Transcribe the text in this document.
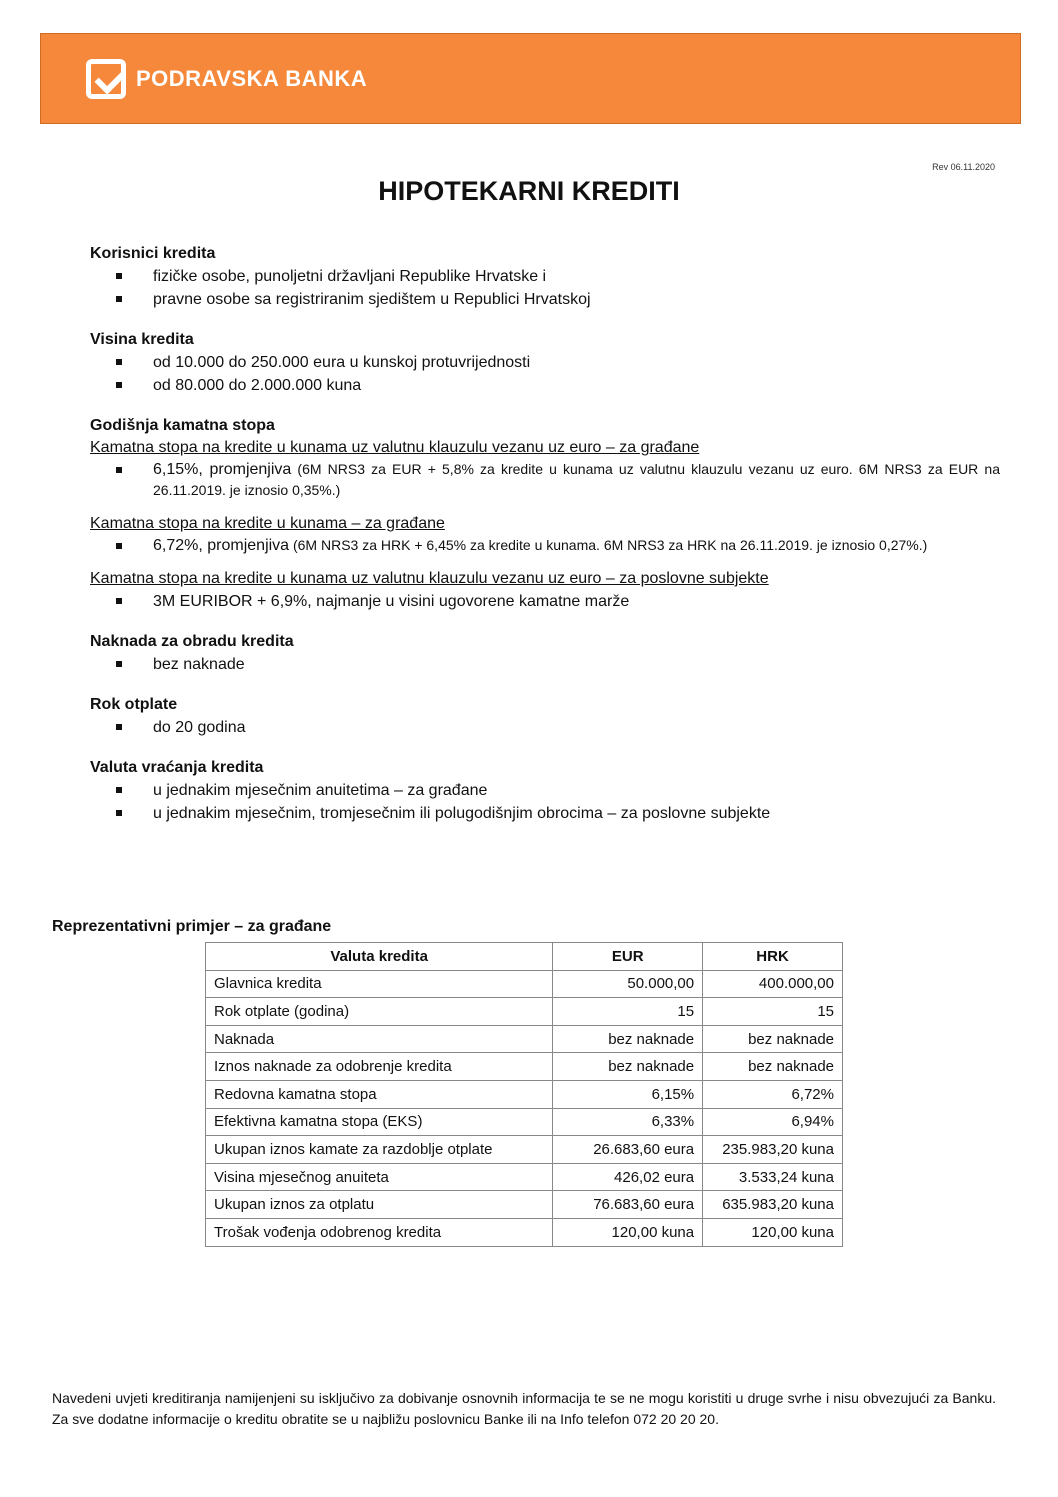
PODRAVSKA BANKA
Rev 06.11.2020
HIPOTEKARNI KREDITI
Korisnici kredita
fizičke osobe, punoljetni državljani Republike Hrvatske i
pravne osobe sa registriranim sjedištem u Republici Hrvatskoj
Visina kredita
od 10.000 do 250.000 eura u kunskoj protuvrijednosti
od 80.000 do 2.000.000 kuna
Godišnja kamatna stopa
Kamatna stopa na kredite u kunama uz valutnu klauzulu vezanu uz euro – za građane
6,15%, promjenjiva (6M NRS3 za EUR + 5,8% za kredite u kunama uz valutnu klauzulu vezanu uz euro. 6M NRS3 za EUR na 26.11.2019. je iznosio 0,35%.)
Kamatna stopa na kredite u kunama – za građane
6,72%, promjenjiva (6M NRS3 za HRK + 6,45% za kredite u kunama. 6M NRS3 za HRK na 26.11.2019. je iznosio 0,27%.)
Kamatna stopa na kredite u kunama uz valutnu klauzulu vezanu uz euro – za poslovne subjekte
3M EURIBOR + 6,9%, najmanje u visini ugovorene kamatne marže
Naknada za obradu kredita
bez naknade
Rok otplate
do 20 godina
Valuta vraćanja kredita
u jednakim mjesečnim anuitetima – za građane
u jednakim mjesečnim, tromjesečnim ili polugodišnjim obrocima – za poslovne subjekte
Reprezentativni primjer – za građane
Valuta kredita	EUR	HRK
Glavnica kredita	50.000,00	400.000,00
Rok otplate (godina)	15	15
Naknada	bez naknade	bez naknade
Iznos naknade za odobrenje kredita	bez naknade	bez naknade
Redovna kamatna stopa	6,15%	6,72%
Efektivna kamatna stopa (EKS)	6,33%	6,94%
Ukupan iznos kamate za razdoblje otplate	26.683,60 eura	235.983,20 kuna
Visina mjesečnog anuiteta	426,02 eura	3.533,24 kuna
Ukupan iznos za otplatu	76.683,60 eura	635.983,20 kuna
Trošak vođenja odobrenog kredita	120,00 kuna	120,00 kuna
Navedeni uvjeti kreditiranja namijenjeni su isključivo za dobivanje osnovnih informacija te se ne mogu koristiti u druge svrhe i nisu obvezujući za Banku. Za sve dodatne informacije o kreditu obratite se u najbližu poslovnicu Banke ili na Info telefon 072 20 20 20.
